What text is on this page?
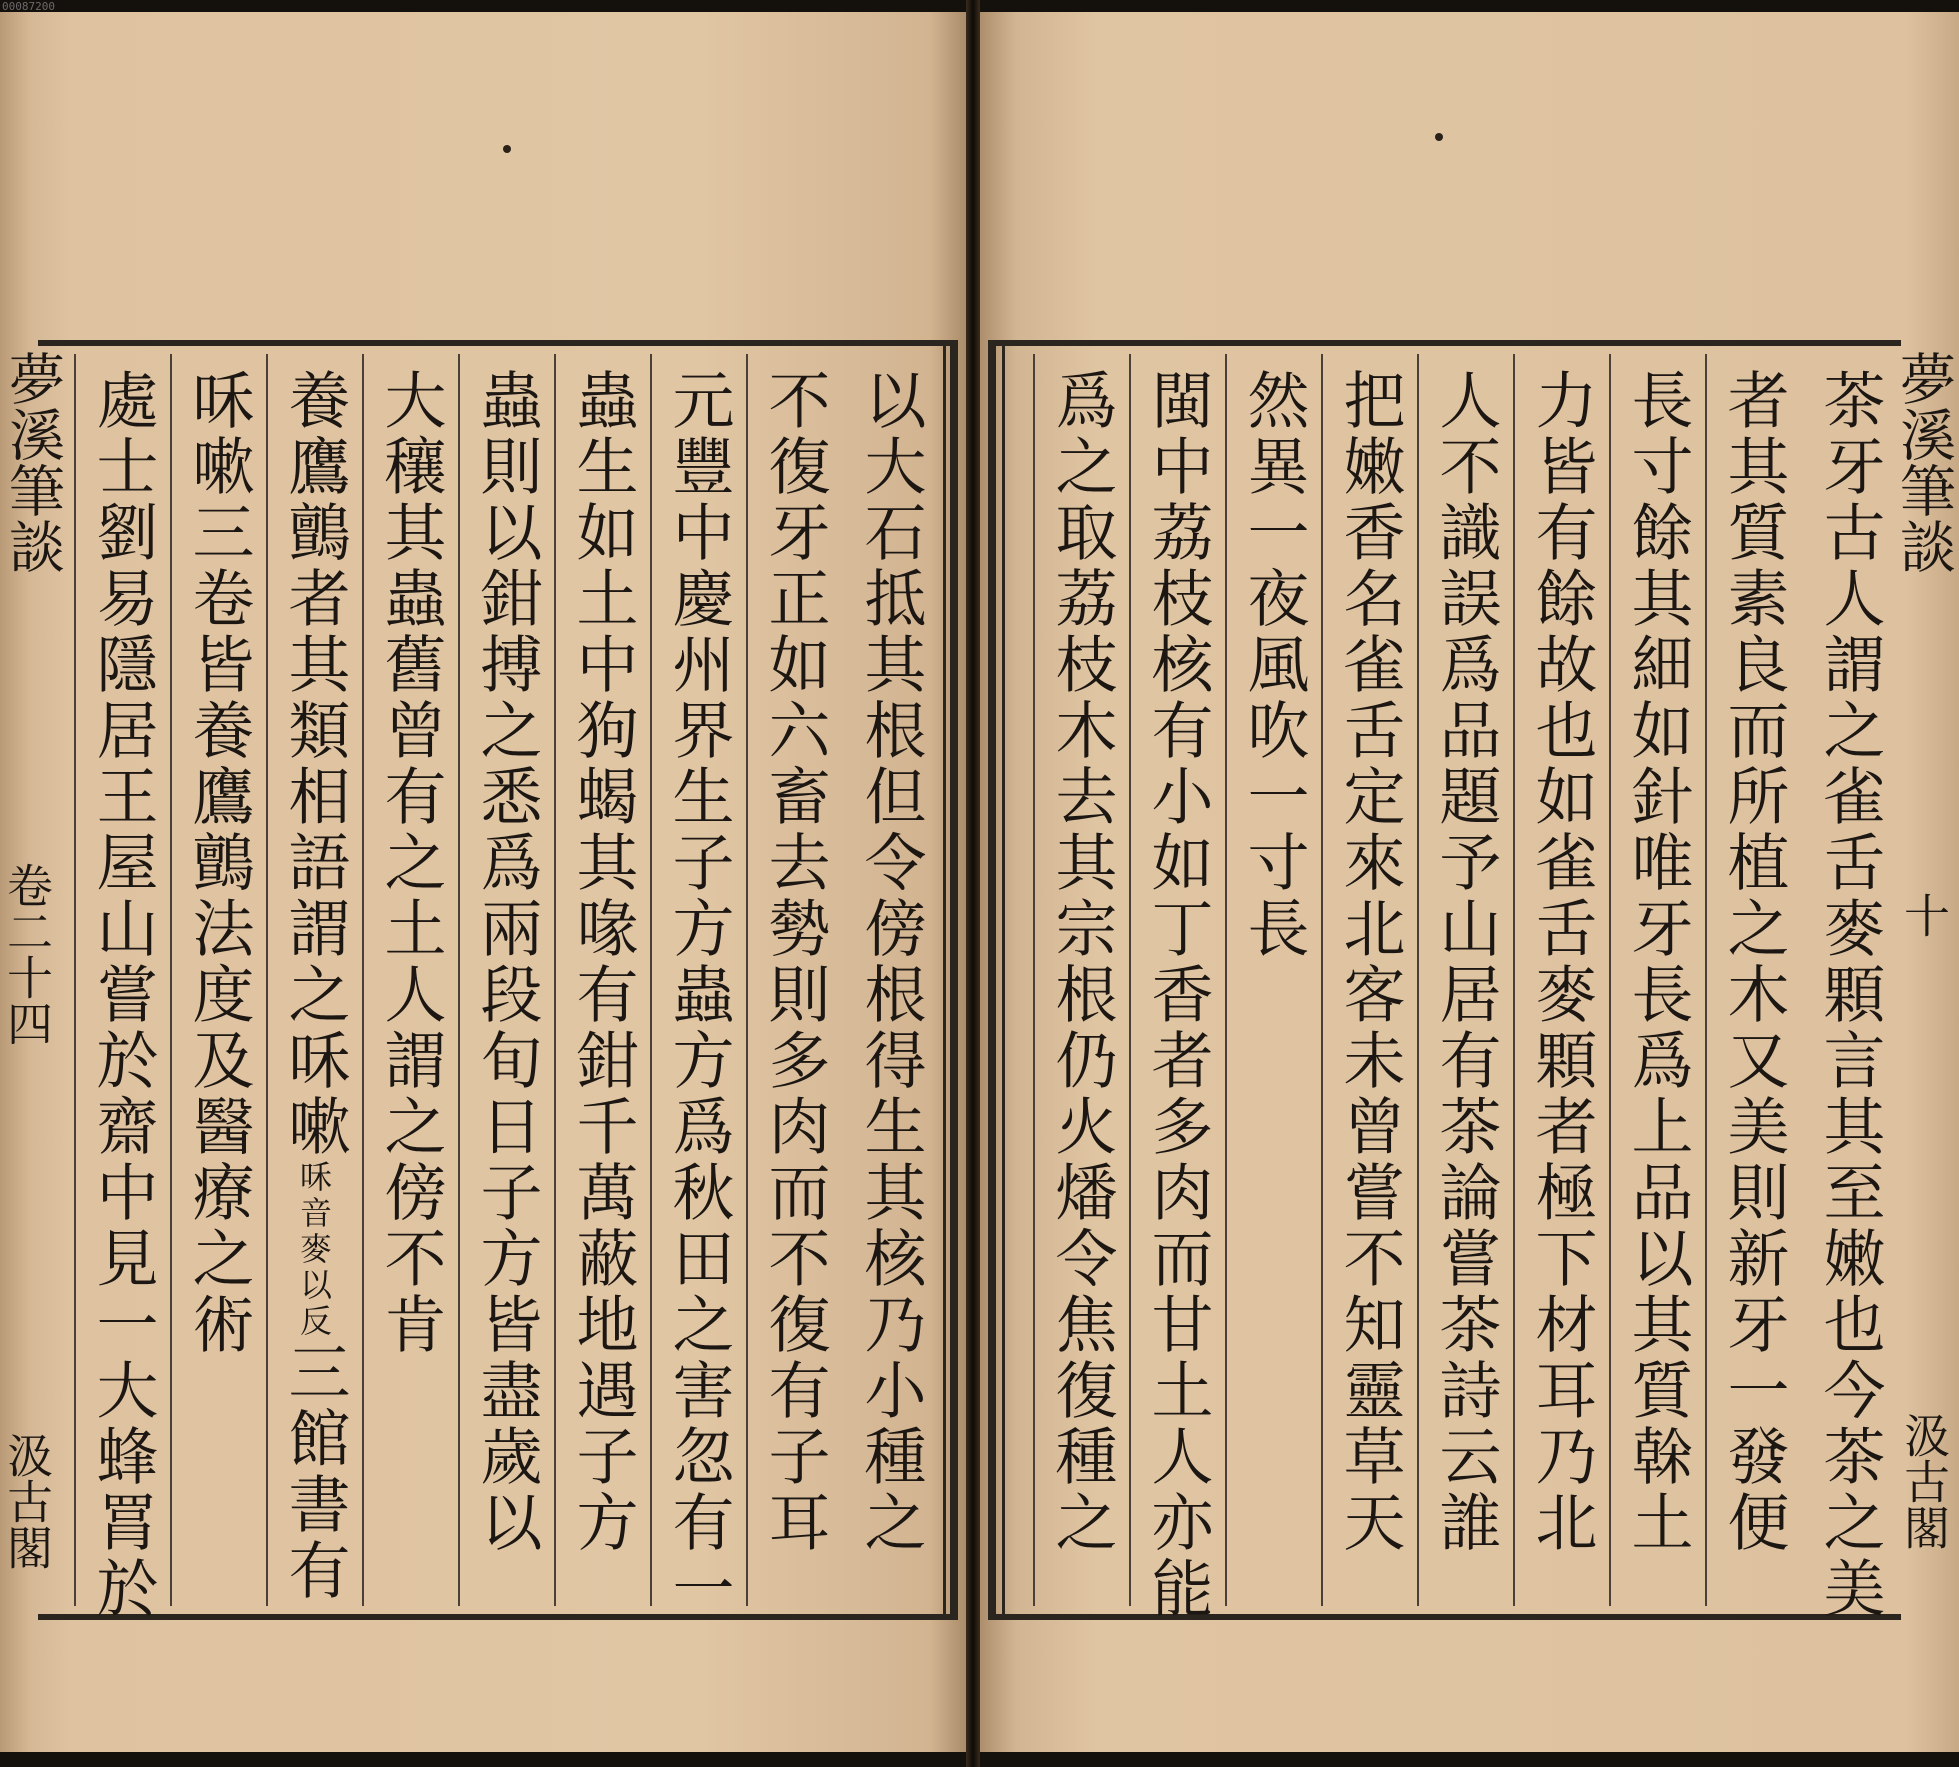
00087200
夢溪筆談
卷二十四
汲古閣	以大石抵其根但令傍根得生其核乃小種之
不復牙正如六畜去勢則多肉而不復有子耳
元豐中慶州界生子方蟲方爲秋田之害忽有一
蟲生如土中狗蝎其喙有鉗千萬蔽地遇子方
蟲則以鉗搏之悉爲兩段旬日子方皆盡歲以
大穰其蟲舊曾有之土人謂之傍不肯
養鷹鸇者其類相語謂之咊嗽咊音麥以反三館書有
咊嗽三卷皆養鷹鸇法度及醫療之術
處士劉易隱居王屋山嘗於齋中見一大蜂罥於	夢溪筆談
十
汲古閣
茶牙古人謂之雀舌麥顆言其至嫩也今茶之美
者其質素良而所植之木又美則新牙一發便
長寸餘其細如針唯牙長爲上品以其質榦土
力皆有餘故也如雀舌麥顆者極下材耳乃北
人不識誤爲品題予山居有茶論嘗茶詩云誰
把嫩香名雀舌定來北客未曾嘗不知靈草天
然異一夜風吹一寸長
閩中荔枝核有小如丁香者多肉而甘土人亦能
爲之取荔枝木去其宗根仍火燔令焦復種之
